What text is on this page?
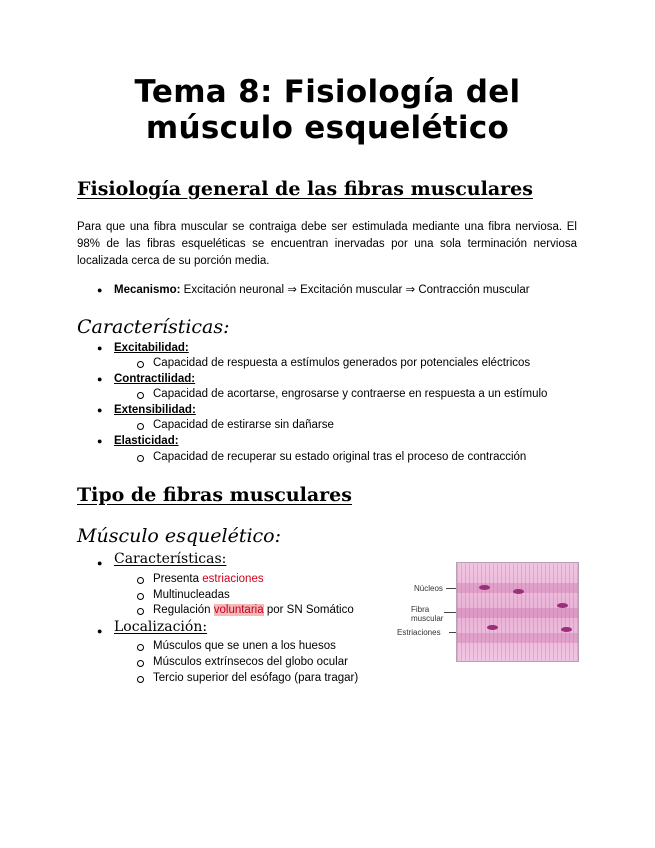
Tema 8: Fisiología del
músculo esquelético
Fisiología general de las fibras musculares
Para que una fibra muscular se contraiga debe ser estimulada mediante una fibra nerviosa. El 98% de las fibras esqueléticas se encuentran inervadas por una sola terminación nerviosa localizada cerca de su porción media.
● Mecanismo: Excitación neuronal ⇒ Excitación muscular ⇒ Contracción muscular
Características:
● Excitabilidad:
Capacidad de respuesta a estímulos generados por potenciales eléctricos
● Contractilidad:
Capacidad de acortarse, engrosarse y contraerse en respuesta a un estímulo
● Extensibilidad:
Capacidad de estirarse sin dañarse
● Elasticidad:
Capacidad de recuperar su estado original tras el proceso de contracción
Tipo de fibras musculares
Músculo esquelético:
● Características:
Presenta estriaciones
Multinucleadas
Regulación voluntaria por SN Somático
● Localización:
Músculos que se unen a los huesos
Músculos extrínsecos del globo ocular
Tercio superior del esófago (para tragar)
Núcleos
Fibra
muscular
Estriaciones
